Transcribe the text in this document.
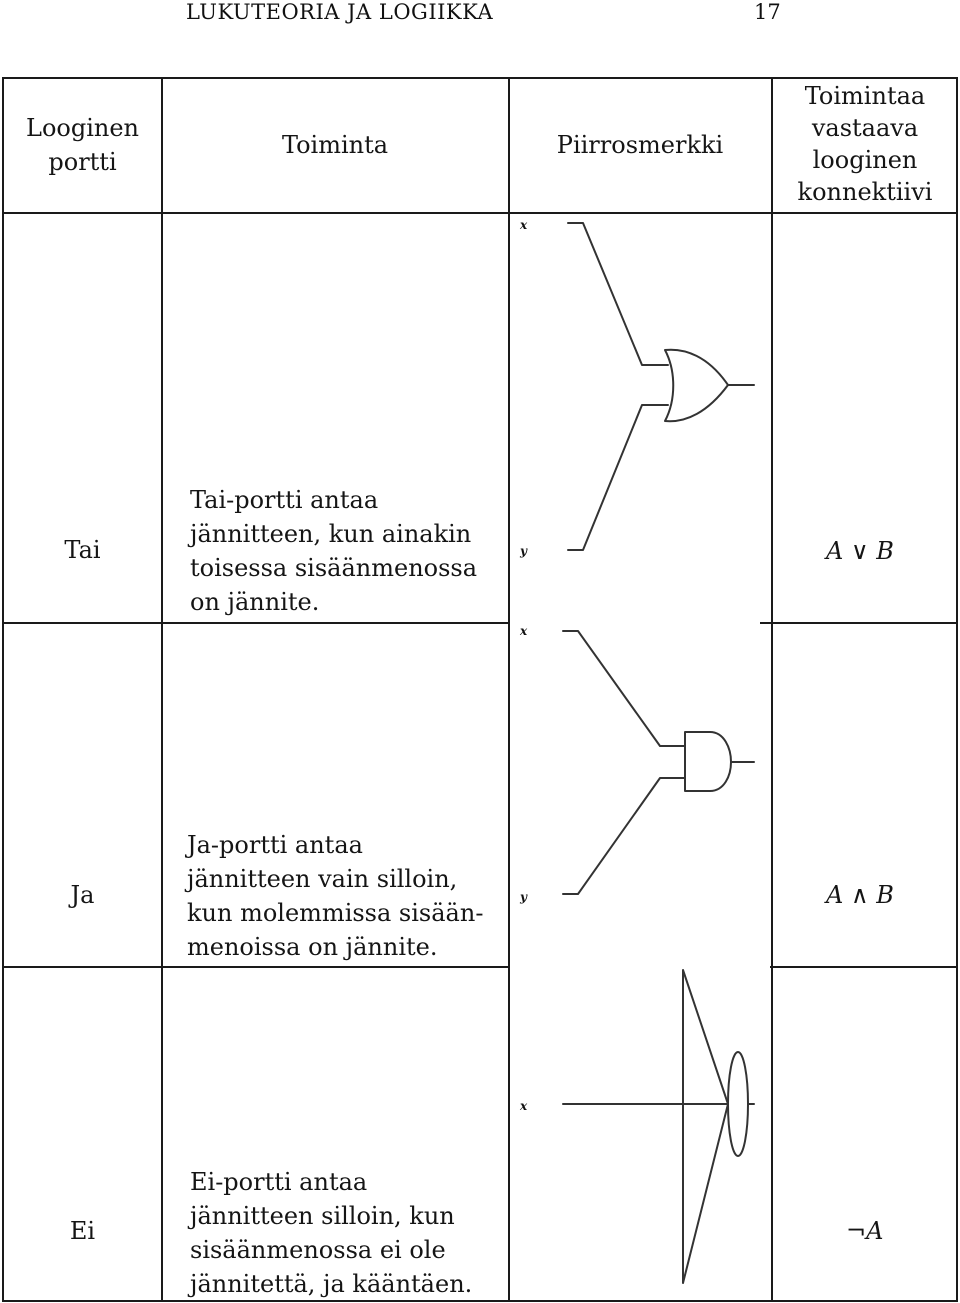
LUKUTEORIA JA LOGIIKKA	17
Looginen portti
Toiminta	Piirrosmerkki
Toimintaa vastaava looginen konnektiivi
Tai
Tai-portti antaa
jännitteen, kun ainakin
toisessa sisäänmenossa
on jännite.
A ∨ B
Ja
Ja-portti antaa
jännitteen vain silloin,
kun molemmissa sisään-
menoissa on jännite.
A ∧ B
Ei
Ei-portti antaa
jännitteen silloin, kun
sisäänmenossa ei ole
jännitettä, ja kääntäen.
¬A
x
y
x
y
x
